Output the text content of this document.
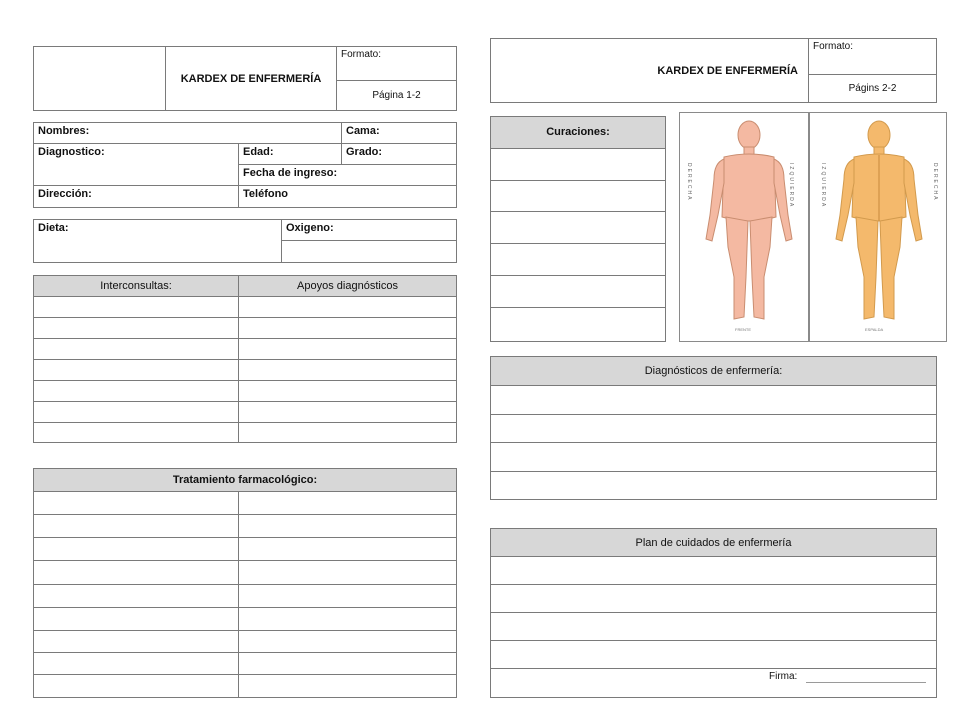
	KARDEX DE ENFERMERÍA	Formato:
Página 1-2
Nombres:		Cama:
Diagnostico:	Edad:	Grado:
	Fecha de ingreso:	
Dirección:	Teléfono	
Dieta:	Oxigeno:

Interconsultas:	Apoyos diagnósticos

Tratamiento farmacológico:	

KARDEX DE ENFERMERÍA	Formato:
Págins 2-2
Curaciones:

DERECHA	IZQUIERDA
FRENTE
IZQUIERDA	DERECHA
ESPALDA
Diagnósticos de enfermería:

Plan de cuidados de enfermería

Firma:
